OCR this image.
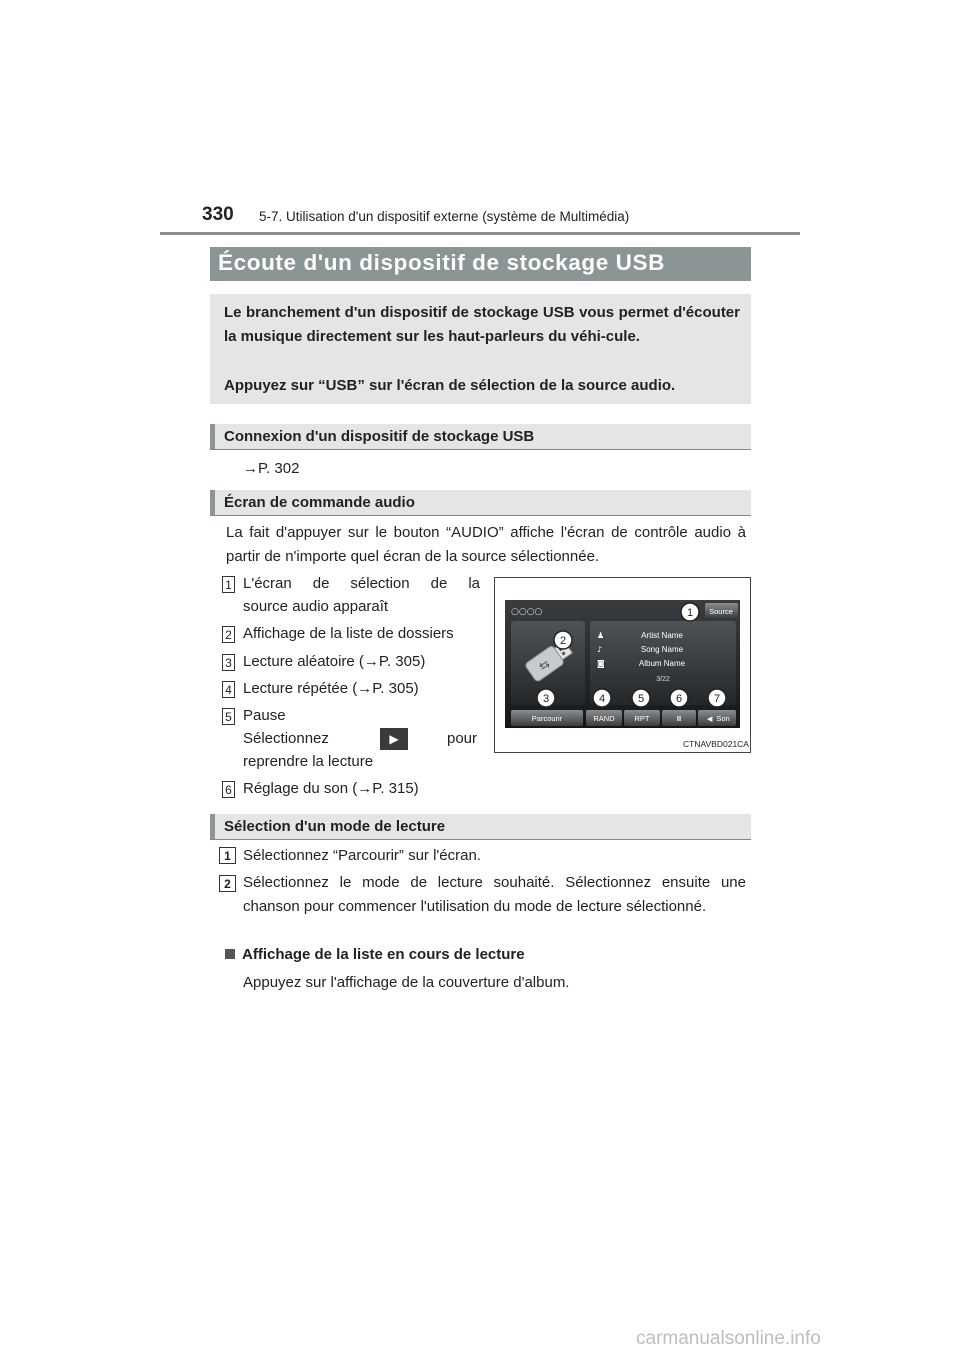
330 5-7. Utilisation d'un dispositif externe (système de Multimédia)
Écoute d'un dispositif de stockage USB
Le branchement d'un dispositif de stockage USB vous permet d'écouter la musique directement sur les haut-parleurs du véhi-cule.
Appuyez sur “USB” sur l'écran de sélection de la source audio.
Connexion d'un dispositif de stockage USB
→P. 302
Écran de commande audio
La fait d'appuyer sur le bouton “AUDIO” affiche l'écran de contrôle audio à partir de n'importe quel écran de la source sélectionnée.
1 L'écran de sélection de la
source audio apparaît
2 Affichage de la liste de dossiers
3 Lecture aléatoire (→P. 305)
4 Lecture répétée (→P. 305)
5 Pause
Sélectionnez	▶	pour
reprendre la lecture
6 Réglage du son (→P. 315)
○○○○	Source
⇆
♟
♪
◙
Artist Name
Song Name
Album Name
3/22
Parcourir	RAND	RPT	II	◀ Son
1
2
3	4	5	6	7
CTNAVBD021CA
Sélection d'un mode de lecture
1 Sélectionnez “Parcourir” sur l'écran.
2 Sélectionnez le mode de lecture souhaité. Sélectionnez ensuite une chanson pour commencer l'utilisation du mode de lecture sélectionné.
Affichage de la liste en cours de lecture
Appuyez sur l'affichage de la couverture d'album.
carmanualsonline.info
